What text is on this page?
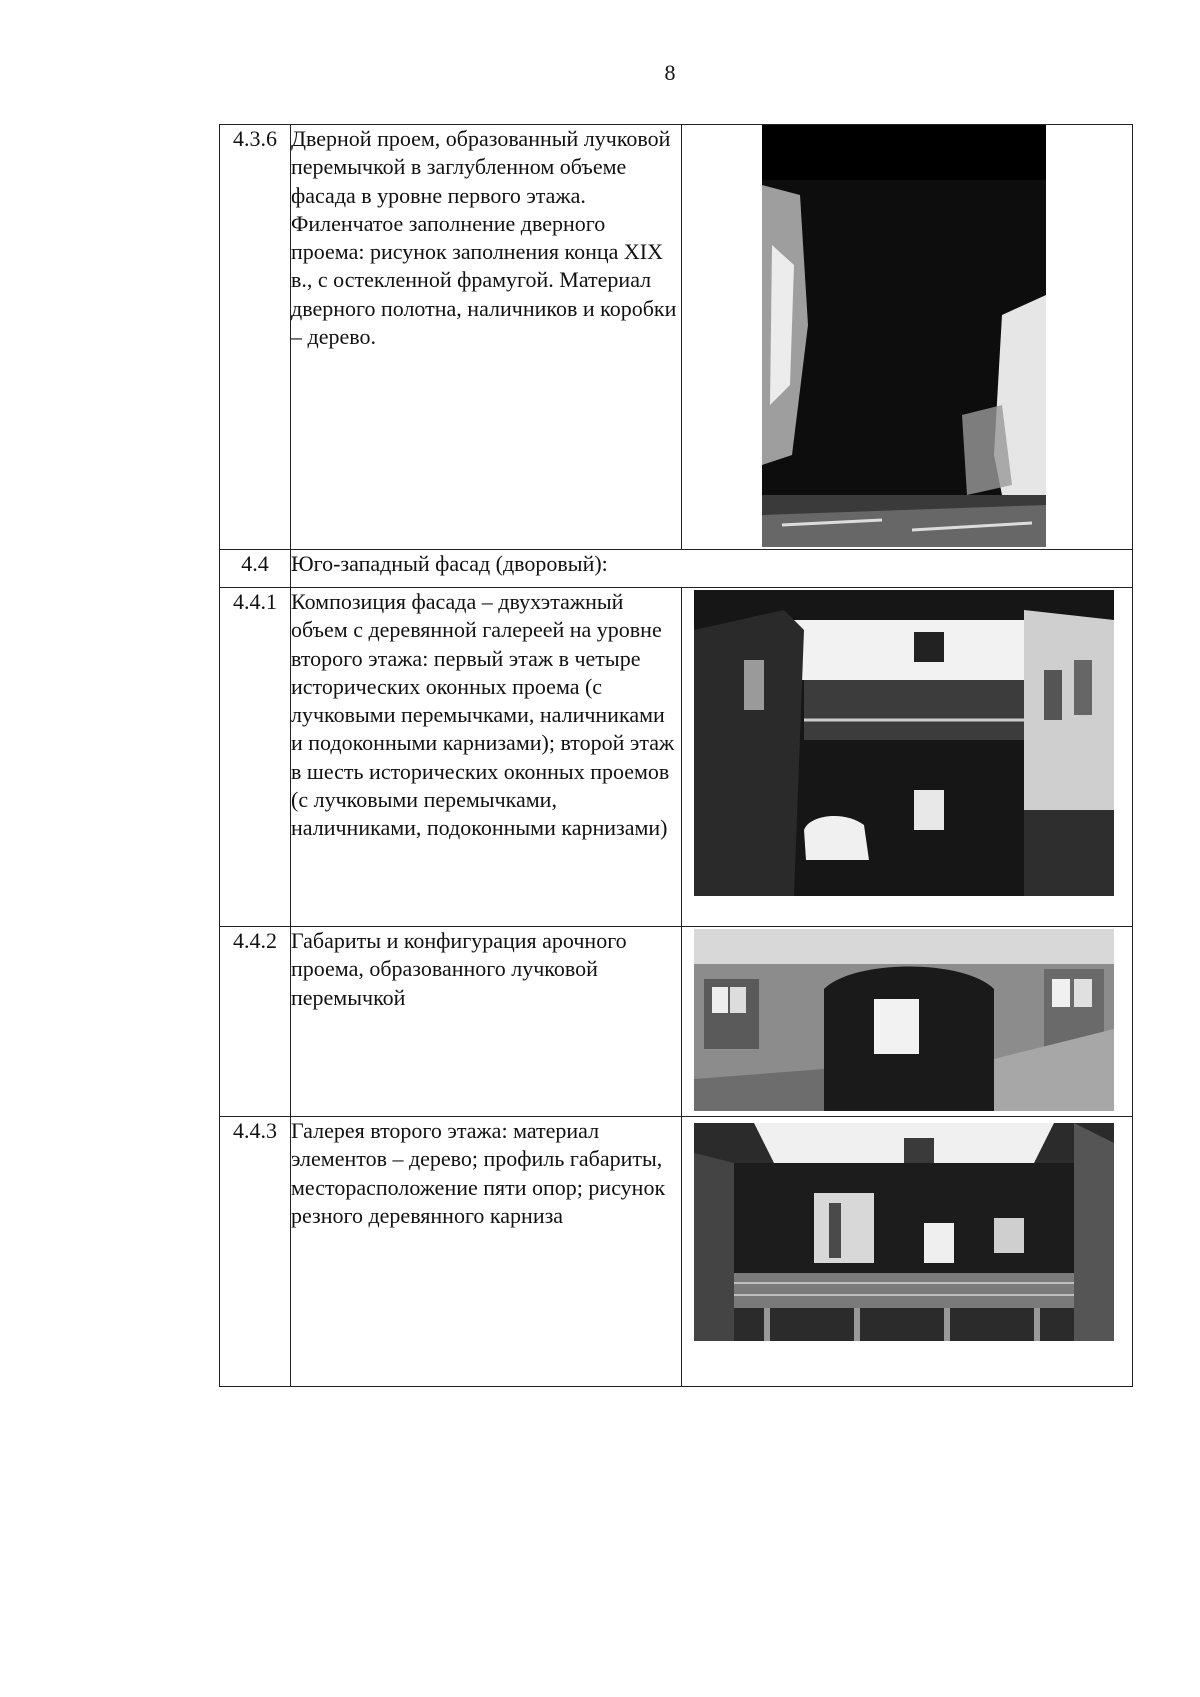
8
4.3.6	Дверной проем, образованный лучковой перемычкой в заглубленном объеме фасада в уровне первого этажа. Филенчатое заполнение дверного проема: рисунок заполнения конца XIX в., с остекленной фрамугой. Материал дверного полотна, наличников и коробки – дерево.	

4.4	Юго-западный фасад (дворовый):	
4.4.1	Композиция фасада – двухэтажный объем с деревянной галереей на уровне второго этажа: первый этаж в четыре исторических оконных проема (с лучковыми перемычками, наличниками и подоконными карнизами); второй этаж в шесть исторических оконных проемов (с лучковыми перемычками, наличниками, подоконными карнизами)	

4.4.2	Габариты и конфигурация арочного проема, образованного лучковой перемычкой	

4.4.3	Галерея второго этажа: материал элементов – дерево; профиль габариты, месторасположение пяти опор; рисунок резного деревянного карниза	
